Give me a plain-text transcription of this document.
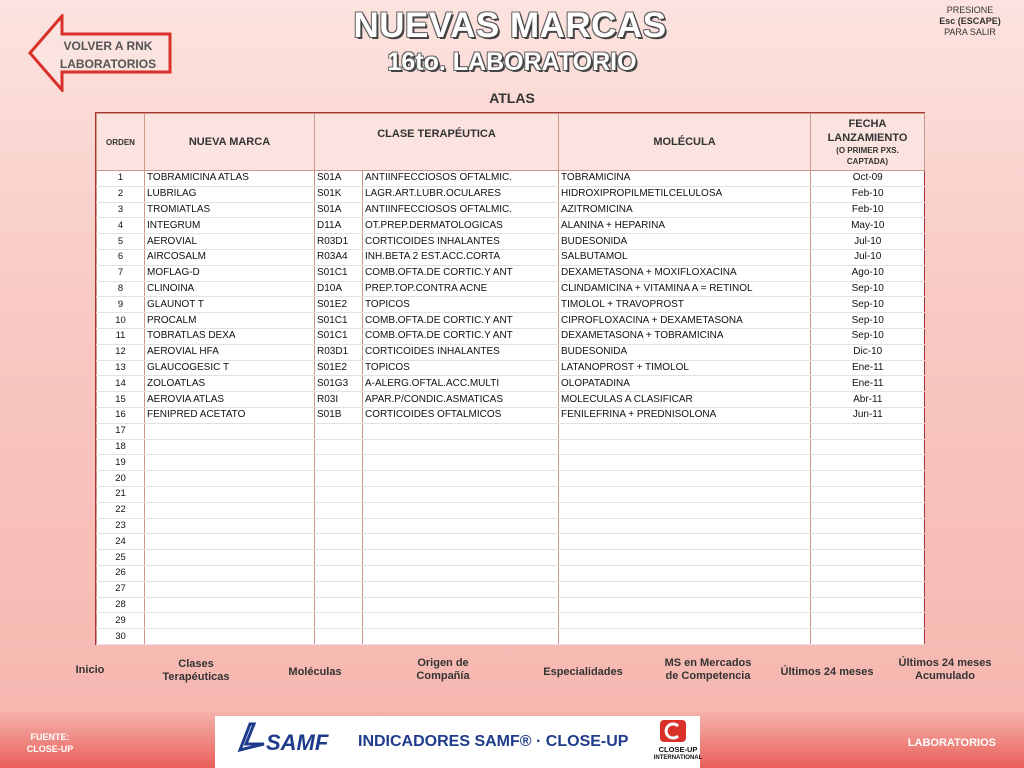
VOLVER A RNK
LABORATORIOS
NUEVAS MARCAS
16to. LABORATORIO
ATLAS
PRESIONE
Esc (ESCAPE)
PARA SALIR
ORDEN	NUEVA MARCA	CLASE TERAPÉUTICA		MOLÉCULA	FECHA
LANZAMIENTO
(O PRIMER PXS.
CAPTADA)

1	TOBRAMICINA ATLAS	S01A	ANTIINFECCIOSOS OFTALMIC.	TOBRAMICINA	Oct-09
2	LUBRILAG	S01K	LAGR.ART.LUBR.OCULARES	HIDROXIPROPILMETILCELULOSA	Feb-10
3	TROMIATLAS	S01A	ANTIINFECCIOSOS OFTALMIC.	AZITROMICINA	Feb-10
4	INTEGRUM	D11A	OT.PREP.DERMATOLOGICAS	ALANINA + HEPARINA	May-10
5	AEROVIAL	R03D1	CORTICOIDES INHALANTES	BUDESONIDA	Jul-10
6	AIRCOSALM	R03A4	INH.BETA 2 EST.ACC.CORTA	SALBUTAMOL	Jul-10
7	MOFLAG-D	S01C1	COMB.OFTA.DE CORTIC.Y ANT	DEXAMETASONA + MOXIFLOXACINA	Ago-10
8	CLINOINA	D10A	PREP.TOP.CONTRA ACNE	CLINDAMICINA + VITAMINA A = RETINOL	Sep-10
9	GLAUNOT T	S01E2	TOPICOS	TIMOLOL + TRAVOPROST	Sep-10
10	PROCALM	S01C1	COMB.OFTA.DE CORTIC.Y ANT	CIPROFLOXACINA + DEXAMETASONA	Sep-10
11	TOBRATLAS DEXA	S01C1	COMB.OFTA.DE CORTIC.Y ANT	DEXAMETASONA + TOBRAMICINA	Sep-10
12	AEROVIAL HFA	R03D1	CORTICOIDES INHALANTES	BUDESONIDA	Dic-10
13	GLAUCOGESIC T	S01E2	TOPICOS	LATANOPROST + TIMOLOL	Ene-11
14	ZOLOATLAS	S01G3	A-ALERG.OFTAL.ACC.MULTI	OLOPATADINA	Ene-11
15	AEROVIA ATLAS	R03I	APAR.P/CONDIC.ASMATICAS	MOLECULAS A CLASIFICAR	Abr-11
16	FENIPRED ACETATO	S01B	CORTICOIDES OFTALMICOS	FENILEFRINA + PREDNISOLONA	Jun-11
17					
18					
19					
20					
21					
22					
23					
24					
25					
26					
27					
28					
29					
30					
Inicio	Clases
Terapéuticas	Moléculas
Origen de
Compañía	Especialidades
MS en Mercados
de Competencia	Últimos 24 meses
Últimos 24 meses
Acumulado
FUENTE:
CLOSE-UP	SAMF INDICADORES SAMF® · CLOSE-UP	CLOSE-UP
INTERNATIONAL
LABORATORIOS
